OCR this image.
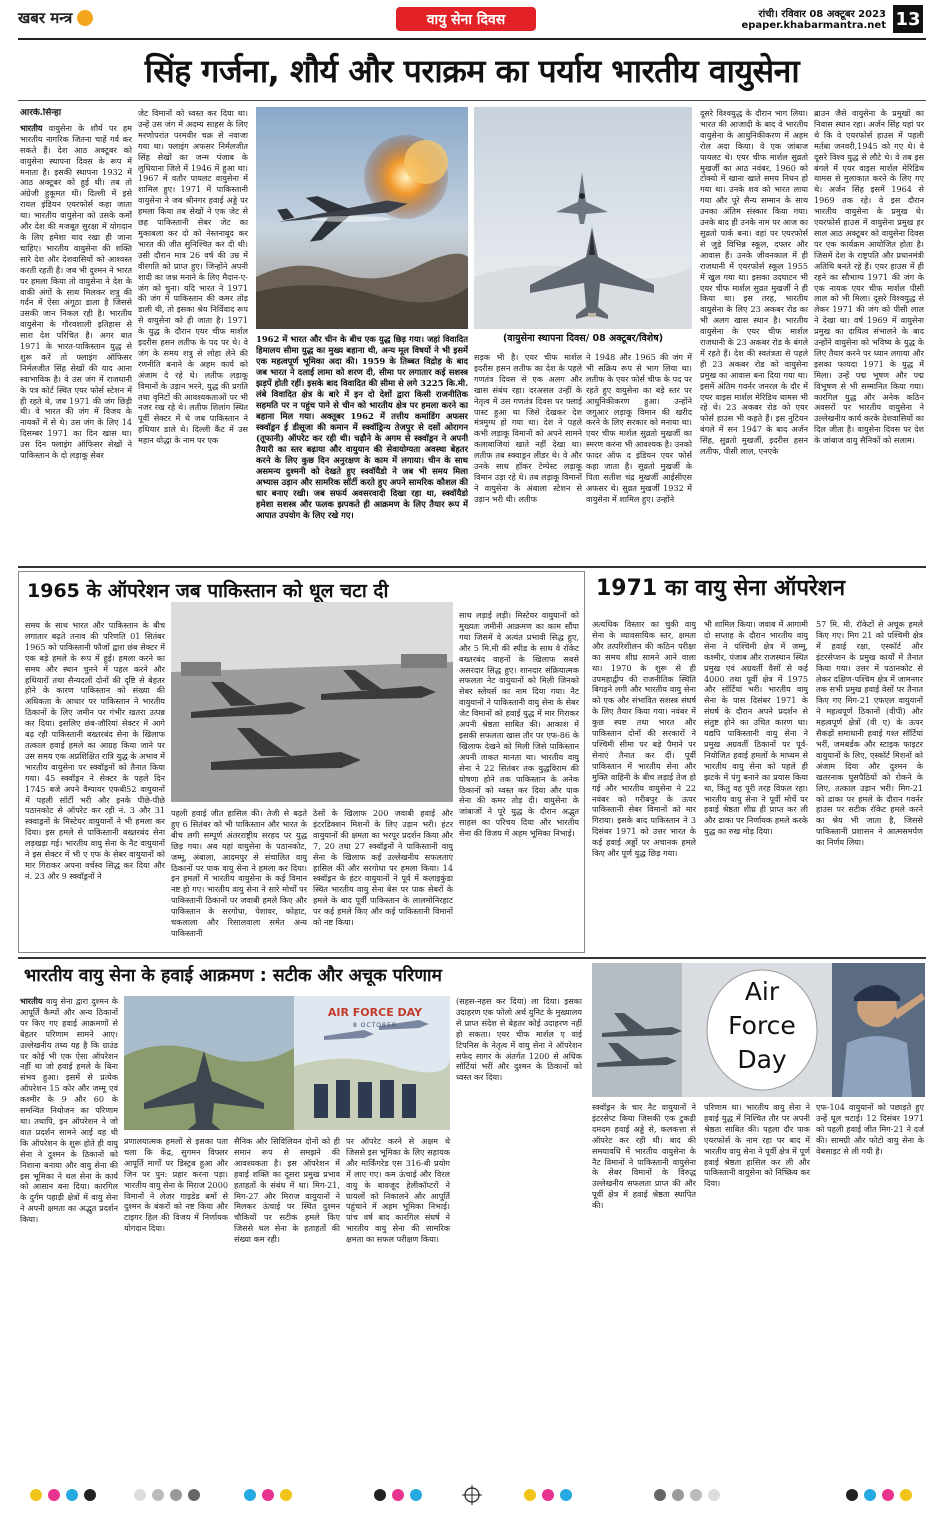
खबर मन्त्र	वायु सेना दिवस	रांची। रविवार 08 अक्टूबर 2023
epaper.khabarmantra.net 13
सिंह गर्जना, शौर्य और पराक्रम का पर्याय भारतीय वायुसेना
आरके.सिन्हा
भारतीय वायुसेना के शौर्य पर हम भारतीय नागरिक जितना चाहें गर्व कर सकते हैं। देश आठ अक्टूबर को वायुसेना स्थापना दिवस के रूप में मनाता है। इसकी स्थापना 1932 में आठ अक्टूबर को हुई थी। तब तो अंग्रेजी हुकूमत थी। दिल्ली में इसे रायल इंडियन एयरफोर्स कहा जाता था। भारतीय वायुसेना को उसके कर्मों और देश की मजबूत सुरक्षा में योगदान के लिए हमेशा याद रखा ही जाना चाहिए। भारतीय वायुसेना की शक्ति सारे देश और देशवासियों को आश्वस्त करती रहती है। जब भी दुश्मन ने भारत पर हमला किया तो वायुसेना ने देश के वाकी अंगों के साथ मिलकर शत्रु की गर्दन में ऐसा अंगूठा डाला है जिससे उसकी जान निकल रही है। भारतीय वायुसेना के गौरवशाली इतिहास से सारा देश परिचित है। अगर बात 1971 के भारत-पाकिस्तान युद्ध से शुरू करें तो फ्लाइंग ऑफिसर निर्मलजीत सिंह सेखों की याद आना स्वाभाविक है। वे उस जंग में राजधानी के पत्र कोर्ट स्थित एयर फोर्स स्टेशन में ही रहते थे, जब 1971 की जंग छिड़ी थी। वे भारत की जंग में विजय के नायकों में से थे। उस जंग के लिए 14 दिसम्बर 1971 का दिन खास था। उस दिन फ्लाइंग ऑफिसर सेखों ने पाकिस्तान के दो लड़ाकू सेबर
जेट विमानों को ध्वस्त कर दिया था। उन्हें उस जंग में अदम्य साहस के लिए मरणोपरांत परमवीर चक्र से नवाजा गया था। फ्लाइंग अफसर निर्मलजीत सिंह सेखों का जन्म पंजाब के लुधियाना जिले में 1946 में हुआ था। 1967 में वतौर पायलट वायुसेना में शामिल हुए। 1971 में पाकिस्तानी वायुसेना ने जब श्रीनगर हवाई अड्डे पर हमला किया तब सेखों ने एक जेट से छह पाकिस्तानी सेबर जेट का मुकाबला कर दो को नेस्तनाबूद कर भारत की जीत सुनिश्चित कर दी थी। उसी दौरान मात्र 26 वर्ष की उम्र में वीरगति को प्राप्त हुए। जिन्होंने अपनी शादी का जश्न मनाने के लिए मैदान-ए-जंग को चुना। यदि भारत ने 1971 की जंग में पाकिस्तान की कमर तोड़ डाली थी, तो इसका श्रेय निर्विवाद रूप से वायुसेना को ही जाता है। 1971 के युद्ध के दौरान एयर चीफ मार्शल इदरीस हसन लतीफ के पद पर थे। वे जंग के समय शत्रु से लोहा लेने की रणनीति बनाने के अहम कार्य को अंजाम दे रहे थे। लतीफ लड़ाकू विमानों के उड़ान भरने, युद्ध की प्रगति तथा वृनिटों की आवश्यकताओं पर भी नजर रख रहे थे। लतीफ शिलांग स्थित पूर्वी सेक्टर में थे जब पाकिस्तान ने हथियार डाले थे। दिल्ली कैंट में उस महान योद्धा के नाम पर एक
1962 में भारत और चीन के बीच एक युद्ध छिड़ गया। जहां विवादित हिमालय सीमा युद्ध का मुख्य बहाना थी, अन्य मूल विषयों ने भी इसमें एक महत्वपूर्ण भूमिका अदा की। 1959 के तिब्बत विद्रोह के बाद जब भारत ने दलाई लामा को शरण दी, सीमा पर लगातार कई सशस्त्र झड़पें होती रहीं। इसके बाद विवादित की सीमा से लगे 3225 कि.मी. लंबे विवादित क्षेत्र के बारे में इन दो देशों द्वारा किसी राजनीतिक सहमति पर न पहुंच पाने से चीन को भारतीय क्षेत्र पर हमला करने का बहाना मिल गया। अक्तूबर 1962 में तत्तीय कमांडिंग अफसर स्क्वॉड्रन ई डीसूजा की कमान में स्क्वॉड्रिन्य तेजपुर से दसों ओरागन (तूफानी) ऑपरेट कर रही थी। चढ़ौने के अगम से स्क्वॉड्रन ने अपनी तैयारी का स्तर बढ़ाया और वायुयान की सेवायोग्यता अवस्था बेहतर करने के लिए कुछ दिन अनुरक्षण के काम में लगाया। चीन के साथ असमन्य दुश्मनी को देखते हुए स्क्वॉयैडो ने जब भी समय मिला अभ्यास उड़ान और सामरिक सॉर्टी करते हुए अपने सामरिक कौशल की धार बनाए रखी। जब सफर्य अवसरवादी दिखा रहा था, स्क्वॉयैडो हमेशा सशस्त्र और फलक झपकते ही आक्रमण के लिए तैयार रूप में आपात उपयोग के लिए रखे गए।
(वायुसेना स्थापना दिवस/ 08 अक्टूबर/विशेष)
सड़क भी है। एयर चीफ मार्शल इदरीस हसन लतीफ का देश के पहले गणतंत्र दिवस से एक अलग और खास संबंध रहा। दरअसल उन्हीं के नेतृत्व में उस गणतंत्र दिवस पर फ्लाई पास्ट हुआ था जिसे देखकर देश मंत्रमुग्ध हो गया था। देश ने पहले कभी लड़ाकू विमानों को अपने सामने कलाबाजियां खाते नहीं देखा था। लतीफ तब स्क्वाड्रन लीडर थे। वे और उनके साथ हॉकर टेम्पेस्ट लड़ाकू विमान उड़ा रहे थे। तब लड़ाकू विमानों ने वायुसेना के अंबाला स्टेशन से उड़ान भरी थी। लतीफ
ने 1948 और 1965 की जंग में भी सक्रिय रूप से भाग लिया था। लतीफ के एयर फोर्स चीफ के पद पर रहते हुए वायुसेना का बड़े स्तर पर आधुनिकीकरण हुआ। उन्होंने जगुआर लड़ाकू विमान की खरीद करने के लिए सरकार को मनाया था। एयर चीफ मार्शल सुव्रतो मुखर्जी का स्मरण करना भी आवश्यक है। उनको फादर ऑफ द इंडियन एयर फोर्स कहा जाता है। सुव्रतो मुखर्जी के पिता सतीश चंद्र मुखर्जी आईसीएस अफसर थे। सुव्रत मुखर्जी 1932 में वायुसेना में शामिल हुए। उन्होंने
दूसरे विश्वयुद्ध के दौरान भाग लिया। भारत की आजादी के बाद वे भारतीय वायुसेना के आधुनिकीकरण में अहम रोल अदा किया। वे एक जांबाज पायलट थे। एयर चीफ मार्शल सुव्रतो मुखर्जी का आठ नवंबर, 1960 को टोक्यो में खाना खाते समय निधन हो गया था। उनके शव को भारत लाया गया और पूरे सैन्य सम्मान के साथ उनका अंतिम संस्कार किया गया। उनके बाद ही उनके नाम पर आज का सुव्रतो पार्क बना। वहां पर एयरफोर्स से जुड़े विभिन्न स्कूल, दफ्तर और आवास हैं। उनके जीवनकाल में ही राजधानी में एयरफोर्स स्कूल 1955 में खुल गया था। इसका उदघाटन भी एयर चीफ मार्शल सुव्रत मुखर्जी ने ही किया था। इस तरह, भारतीय वायुसेना के लिए 23 अकबर रोड का भी अलग खास स्थान है। भारतीय वायुसेना के एयर चीफ मार्शल राजधानी के 23 अकबर रोड के बंगले में रहते हैं। देश की स्वतंत्रता से पहले ही 23 अकबर रोड को वायुसेना प्रमुख का आवास बना दिया गया था। इसमें अंतिम गवर्नर जनरल के दौर में एयर वाइस मार्शल मेरिडिथ थामस भी रहे थे। 23 अकबर रोड को एयर फोर्स हाउस भी कहते हैं। इस नुटियन बंगले में सन 1947 के बाद अर्जन सिंह, सुव्रतो मुखर्जी, इदरीस हसन लतीफ, पीसी लाल, एनएके
ब्राउन जैसे वायुसेना के प्रमुखों का निवास स्थान रहा। अर्जन सिंह यहां पर थे कि वे एयरफोर्स हाउस में पहली मर्तबा जनवरी,1945 को गए थे। वे दूसरे विश्व युद्ध से लौटे थे। वे तब इस बंगले में एयर वाइस मार्शल मेरिडिथ थामस से मुलाकात करने के लिए गए थे। अर्जन सिंह इसमें 1964 से 1969 तक रहे। वे इस दौरान भारतीय वायुसेना के प्रमुख थे। एयरफोर्स हाउस में वायुसेना प्रमुख हर साल आठ अक्टूबर को वायुसेना दिवस पर एक कार्यक्रम आयोजित होता है। जिसमें देश के राष्ट्रपति और प्रधानमंत्री अतिथि बनते रहे हैं। एयर हाउस में ही रहने का सौभाग्य 1971 की जंग के एक नायक एयर चीफ मार्शल पीसी लाल को भी मिला। दूसरे विश्वयुद्ध से लेकर 1971 की जंग को पीसी लाल ने देखा था। वर्ष 1969 में वायुसेना प्रमुख का दायित्व संभालने के बाद उन्होंने वायुसेना को भविष्य के युद्ध के लिए तैयार करने पर ध्यान लगाया और इसका फायदा 1971 के युद्ध में मिला। उन्हें पद्म भूषण और पद्म विभूषण से भी सम्मानित किया गया। कारगिल युद्ध और अनेक कठिन अवसरों पर भारतीय वायुसेना ने उल्लेखनीय कार्य करके देशवासियों का दिल जीता है। वायुसेना दिवस पर देश के जांबाज वायु सैनिकों को सलाम।
1965 के ऑपरेशन जब पाकिस्तान को धूल चटा दी
समय के साथ भारत और पाकिस्तान के बीच लगातार बढ़ते तनाव की परिणति 01 सितंबर 1965 को पाकिस्तानी फौजों द्वारा छंब सेक्टर में एक बड़े हमले के रूप में हुई। हमला करने का समय और स्थान चुनने में पहल करने और हथियारों तथा सैन्यदलों दोनों की दृष्टि से बेहतर होने के कारण पाकिस्तान को संख्या की अधिकता के आधार पर पाकिस्तान ने भारतीय ठिकानों के लिए जमीन पर गंभीर खतरा उत्पन्न कर दिया। इसलिए छंब-जौरियां सेक्टर में आगे बढ़ रही पाकिस्तानी बख्तरबंद सेना के खिलाफ तत्काल हवाई हमले का आग्रह किया जाने पर उस समय एक अप्रशिक्षित रात्रि युद्ध के अभाव में भारतीय वायुसेना पर स्क्वॉड्रनों को तैनात किया गया। 45 स्क्वॉड्रन ने सेक्टर के पहले दिन 1745 बजे अपने वैम्पायर एफबी52 वायुयानों में पहली सॉर्टी भरी और इनके पीछे-पीछे पठानकोट से ऑपरेट कर रही नं. 3 और 31 स्क्वाड्रनों के मिस्टेयर वायुयानों ने भी हमला कर दिया। इस हमले से पाकिस्तानी बख्तरबंद सेना लड़खड़ा गई। भारतीय वायु सेना के नैट वायुयानों ने इस सेक्टर में भी ए एफ के सेबर वायुयानों को मार गिराकर अपना वर्चस्व सिद्ध कर दिया और नं. 23 और 9 स्क्वॉड्रनों ने
पहली हवाई जीत हासिल की। तेजी से बढ़ते हुए 6 सितंबर को भी पाकिस्तान और भारत के बीच लगी सम्पूर्ण अंतरराष्ट्रीय सरहद पर युद्ध छिड़ गया। अब यहां वायुसेना के पठानकोट, जम्मू, अंबाला, आदमपुर से संचालित वायु ठिकानों पर पाक वायु सेना ने हमला कर दिया। इन हमलों में भारतीय वायुसेना के कई विमान नष्ट हो गए। भारतीय वायु सेना ने सारे मोर्चों पर पाकिस्तानी ठिकानों पर जवाबी हमले किए और पाकिस्तान के सरगोधा, पेशावर, कोहाट, चकलाला और रिसालवाला समेत अन्य पाकिस्तानी
ठेसों के खिलाफ 200 जवाबी हवाई और इंटरडिक्शन मिशनों के लिए उड़ान भरी। हंटर वायुयानों की क्षमता का भरपूर प्रदर्शन किया और 7, 20 तथा 27 स्क्वॉड्रनों ने पाकिस्तानी वायु सेना के खिलाफ कई उल्लेखनीय सफलताएं हासिल कीं और सरगोधा पर हमला किया। 14 स्क्वॉड्रन के हंटर वायुयानों ने पूर्व में कलाइकुंडा स्थित भारतीय वायु सेना बेस पर पाक सेबरों के हमले के बाद पूर्वी पाकिस्तान के लालमोनिरहाट पर कई हमले किए और कई पाकिस्तानी विमानों को नष्ट किया।
साथ लड़ाई लड़ी। मिस्टेयर वायुयानों को मुख्यतः जमीनी आक्रमण का काम सौंपा गया जिसमें वे अत्यंत प्रभावी सिद्ध हुए, और 5 मि.मी की स्पीड के साथ वे रॉकेट बख्तरबंद वाहनों के खिलाफ सबसे असरदार सिद्ध हुए। शानदार संक्रियात्मक सफलता नेट वायुयानों को मिली जिनको सेबर स्लेयर्स का नाम दिया गया। नैट वायुयानों ने पाकिस्तानी वायु सेना के सेबर जेट विमानों को हवाई युद्ध में मार गिराकर अपनी श्रेष्ठता साबित की। आकाश में इसकी सफलता खास तौर पर एफ-86 के खिलाफ देखने को मिली जिसे पाकिस्तान अपनी ताकत मानता था। भारतीय वायु सेना ने 22 सितंबर तक युद्धविराम की घोषणा होने तक पाकिस्तान के अनेक ठिकानों को ध्वस्त कर दिया और पाक सेना की कमर तोड़ दी। वायुसेना के जांबाजों ने पूरे युद्ध के दौरान अद्भुत साहस का परिचय दिया और भारतीय सेना की विजय में अहम भूमिका निभाई।
1971 का वायु सेना ऑपरेशन
अत्यधिक विस्तार का चुकी वायु सेना के व्यावसायिक स्तर, क्षमता और तत्परिशीलन की कठिन परीक्षा का समय शीघ्र सामने आने वाला था। 1970 के शुरू से ही उपमहाद्वीप की राजनीतिक स्थिति बिगड़ने लगी और भारतीय वायु सेना को एक और संभावित सशस्त्र संघर्ष के लिए तैयार किया गया। नवंबर में कुछ स्पष्ट तथा भारत और पाकिस्तान दोनों की सरकारों ने पश्चिमी सीमा पर बड़े पैमाने पर सेनाएं तैनात कर दीं। पूर्वी पाकिस्तान में भारतीय सेना और मुक्ति वाहिनी के बीच लड़ाई तेज हो गई और भारतीय वायुसेना ने 22 नवंबर को गरीबपुर के ऊपर पाकिस्तानी सेबर विमानों को मार गिराया। इसके बाद पाकिस्तान ने 3 दिसंबर 1971 को उत्तर भारत के कई हवाई अड्डों पर अचानक हमले किए और पूर्ण युद्ध छिड़ गया।
भी शामिल किया। जवाब में आगामी दो सप्ताह के दौरान भारतीय वायु सेना ने पश्चिमी क्षेत्र में जम्मू, कश्मीर, पंजाब और राजस्थान स्थित प्रमुख एवं अग्रवर्ती वैसों से कई 4000 तथा पूर्वी क्षेत्र में 1975 और सॉर्टियां भरी। भारतीय वायु सेना के पास दिसंबर 1971 के संघर्ष के दौरान अपने प्रदर्शन से संतुष्ट होने का उचित कारण था। यद्यपि पाकिस्तानी वायु सेना ने प्रमुख अग्रवर्ती ठिकानों पर पूर्व-नियोजित हवाई हमलों के माध्यम से भारतीय वायु सेना को पहले ही झटके में पंगु बनाने का प्रयास किया था, किंतु वह पूरी तरह विफल रहा। भारतीय वायु सेना ने पूर्वी मोर्चे पर हवाई श्रेष्ठता शीघ्र ही प्राप्त कर ली और ढाका पर निर्णायक हमले करके युद्ध का रुख मोड़ दिया।
57 मि. मी. रॉकेटों से अचूक हमले किए गए। मिग 21 को पश्चिमी क्षेत्र में हवाई रक्षा, एस्कॉर्ट और इंटरसेप्शन के प्रमुख कार्यों में तैनात किया गया। उत्तर में पठानकोट से लेकर दक्षिण-पश्चिम क्षेत्र में जामनगर तक सभी प्रमुख हवाई वेसों पर तैनात किए गए मिग-21 एफएल वायुयानों ने महत्वपूर्ण ठिकानों (वीपी) और महत्वपूर्ण क्षेत्रों (वी ए) के ऊपर सैकड़ों समाधानी हवाई गश्त सॉर्टियां भरीं, जमबर्डक और स्टाइक फाइटर वायुयानों के लिए, एस्कॉर्ट मिशनों को अंजाम दिया और दुश्मन के खतरनाक घुसपैठियों को रोकने के लिए, तत्काल उड़ान भरी। मिग-21 को ढाका पर हमले के दौरान गवर्नर हाउस पर सटीक रॉकेट हमले करने का श्रेय भी जाता है, जिससे पाकिस्तानी प्रशासन ने आत्मसमर्पण का निर्णय लिया।
भारतीय वायु सेना के हवाई आक्रमण : सटीक और अचूक परिणाम
भारतीय वायु सेना द्वारा दुश्मन के आपूर्ति कैम्पों और अन्य ठिकानों पर किए गए हवाई आक्रमणों से बेहतर परिणाम सामने आए। उल्लेखनीय तथ्य यह है कि ग्राउंड पर कोई भी एक ऐसा ऑपरेशन नहीं था जो हवाई हमले के बिना संभव हुआ। इसमें से प्रत्येक ऑपरेशन 15 कोर और जम्मू एवं कश्मीर के 9 और 60 के समन्वित नियोजन का परिणाम था। तथापि, इन ऑपरेशन ने जो वात प्रदर्शन सामने आई वह थी कि ऑपरेशन के शुरू होते ही वायु सेना ने दुश्मन के ठिकानों को निशाना बनाया और वायु सेना की इस भूमिका ने थल सेना के कार्य को आसान बना दिया। कारगिल के दुर्गम पहाड़ी क्षेत्रों में वायु सेना ने अपनी क्षमता का अद्भुत प्रदर्शन किया।
AIR FORCE DAY
8 OCTOBER
प्रणालयात्मक हमलों से इसका पता चला कि केंद्र, सुगमन विफ्लर आपूर्ति मार्गों पर डिस्ट्रब हुआ और जिन पर पुन: प्रहार करना पड़ा। भारतीय वायु सेना के मिराज 2000 विमानों ने लेजर गाइडेड बमों से दुश्मन के बंकरों को नष्ट किया और टाइगर हिल की विजय में निर्णायक योगदान दिया।
सैनिक और सिविलियन दोनों को ही समान रूप से समझने की आवश्यकता है। इस ऑपरेशन में हवाई शक्ति का दूसरा प्रमुख प्रभाव हताहतों के संबंध में था। मिग-21, मिग-27 और मिराज वायुयानों ने मिलकर ऊंचाई पर स्थित दुश्मन चौकियों पर सटीक हमले किए जिससे थल सेना के हताहतों की संख्या कम रही।
पर ऑपरेट करने से अक्षम थे जिससे इस भूमिका के लिए सहायक और मार्किंगरेड एस 316-बी प्रयोग में लाए गए। कम ऊंचाई और विरल वायु के बावजूद हेलीकॉप्टरों ने घायलों को निकालने और आपूर्ति पहुंचाने में अहम भूमिका निभाई। पांच वर्ष बाद कारगिल संघर्ष ने भारतीय वायु सेना की सामरिक क्षमता का सफल परीक्षण किया।
(सहस-नहस कर दिया) ला दिया। इसका उदाहरण एक फोलो अर्थ युनिट के मुख्यालय से प्राप्त संदेश से बेहतर कोई उदाहरण नहीं हो सकता। एयर चीफ मार्शल ए वाई टिपनिस के नेतृत्व में वायु सेना ने ऑपरेशन सफेद सागर के अंतर्गत 1200 से अधिक सॉर्टियां भरीं और दुश्मन के ठिकानों को ध्वस्त कर दिया।
Air
Force
Day
स्क्वॉड्रन के चार नैट वायुयानों ने इंटरसेप्ट किया जिसकी एक टुकड़ी दमदम हवाई अड्डे से, कलकत्ता से ऑपरेट कर रही थी। बाद की समयावधि में भारतीय वायुसेना के नैट विमानों ने पाकिस्तानी वायुसेना के सेबर विमानों के विरुद्ध उल्लेखनीय सफलता प्राप्त की और पूर्वी क्षेत्र में हवाई श्रेष्ठता स्थापित की।
परिणाम था। भारतीय वायु सेना ने हवाई युद्ध में निश्चित तौर पर अपनी श्रेष्ठता साबित की। पहला दौर पाक एयरफोर्स के नाम रहा पर बाद में भारतीय वायु सेना ने पूर्वी क्षेत्र में पूर्ण हवाई श्रेष्ठता हासिल कर ली और पाकिस्तानी वायुसेना को निष्क्रिय कर दिया।
एफ-104 वायुयानों को पछाड़ते हुए उन्हें धूल चटाई। 12 दिसंबर 1971 को पहली हवाई जीत मिग-21 ने दर्ज की। सामग्री और फोटो वायु सेना के वेबसाइट से ली गयी है।
